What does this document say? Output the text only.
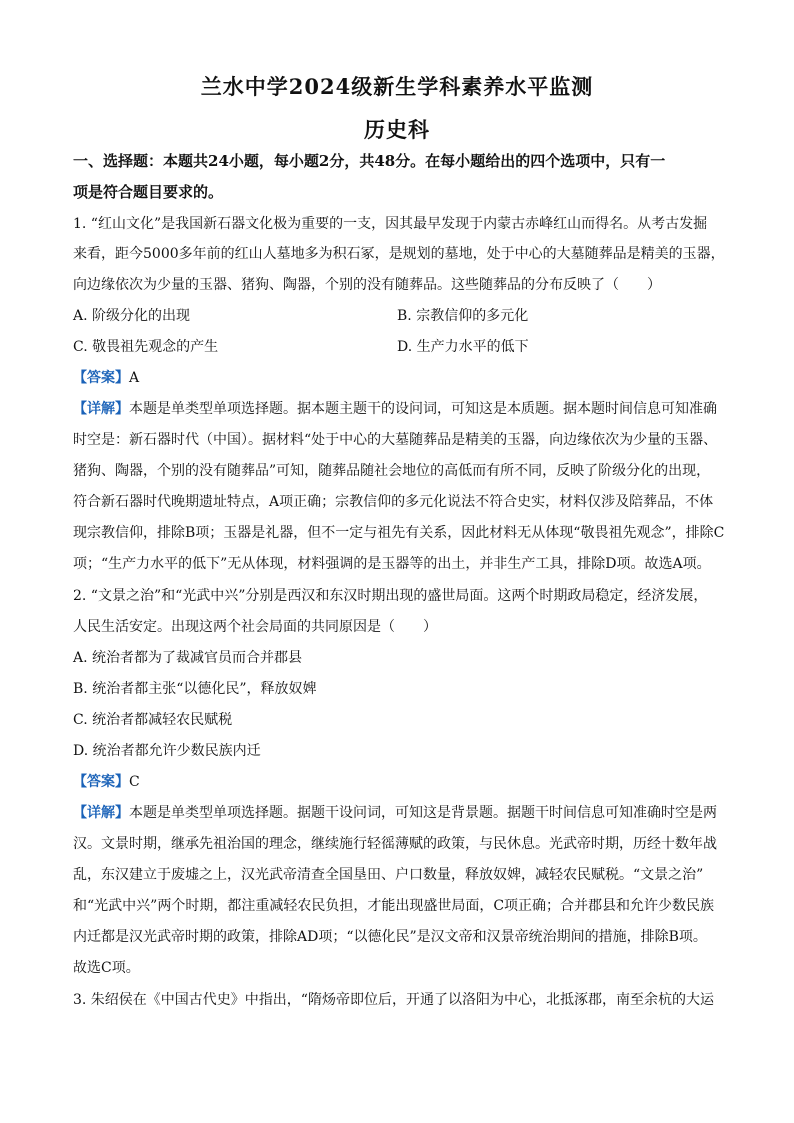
兰水中学2024级新生学科素养水平监测
历史科
一、选择题：本题共24小题，每小题2分，共48分。在每小题给出的四个选项中，只有一
项是符合题目要求的。
1. “红山文化”是我国新石器文化极为重要的一支，因其最早发现于内蒙古赤峰红山而得名。从考古发掘
来看，距今5000多年前的红山人墓地多为积石冢，是规划的墓地，处于中心的大墓随葬品是精美的玉器，
向边缘依次为少量的玉器、猪狗、陶器，个别的没有随葬品。这些随葬品的分布反映了（　　）
A. 阶级分化的出现	B. 宗教信仰的多元化
C. 敬畏祖先观念的产生	D. 生产力水平的低下
【答案】A
【详解】本题是单类型单项选择题。据本题主题干的设问词，可知这是本质题。据本题时间信息可知准确
时空是：新石器时代（中国）。据材料“处于中心的大墓随葬品是精美的玉器，向边缘依次为少量的玉器、
猪狗、陶器，个别的没有随葬品”可知，随葬品随社会地位的高低而有所不同，反映了阶级分化的出现，
符合新石器时代晚期遗址特点，A项正确；宗教信仰的多元化说法不符合史实，材料仅涉及陪葬品，不体
现宗教信仰，排除B项；玉器是礼器，但不一定与祖先有关系，因此材料无从体现“敬畏祖先观念”，排除C
项；“生产力水平的低下”无从体现，材料强调的是玉器等的出土，并非生产工具，排除D项。故选A项。
2. “文景之治”和“光武中兴”分别是西汉和东汉时期出现的盛世局面。这两个时期政局稳定，经济发展，
人民生活安定。出现这两个社会局面的共同原因是（　　）
A. 统治者都为了裁减官员而合并郡县
B. 统治者都主张“以德化民”，释放奴婢
C. 统治者都减轻农民赋税
D. 统治者都允许少数民族内迁
【答案】C
【详解】本题是单类型单项选择题。据题干设问词，可知这是背景题。据题干时间信息可知准确时空是两
汉。文景时期，继承先祖治国的理念，继续施行轻徭薄赋的政策，与民休息。光武帝时期，历经十数年战
乱，东汉建立于废墟之上，汉光武帝清查全国垦田、户口数量，释放奴婢，减轻农民赋税。“文景之治”
和“光武中兴”两个时期，都注重减轻农民负担，才能出现盛世局面，C项正确；合并郡县和允许少数民族
内迁都是汉光武帝时期的政策，排除AD项；“以德化民”是汉文帝和汉景帝统治期间的措施，排除B项。
故选C项。
3. 朱绍侯在《中国古代史》中指出，“隋炀帝即位后，开通了以洛阳为中心，北抵涿郡，南至余杭的大运
